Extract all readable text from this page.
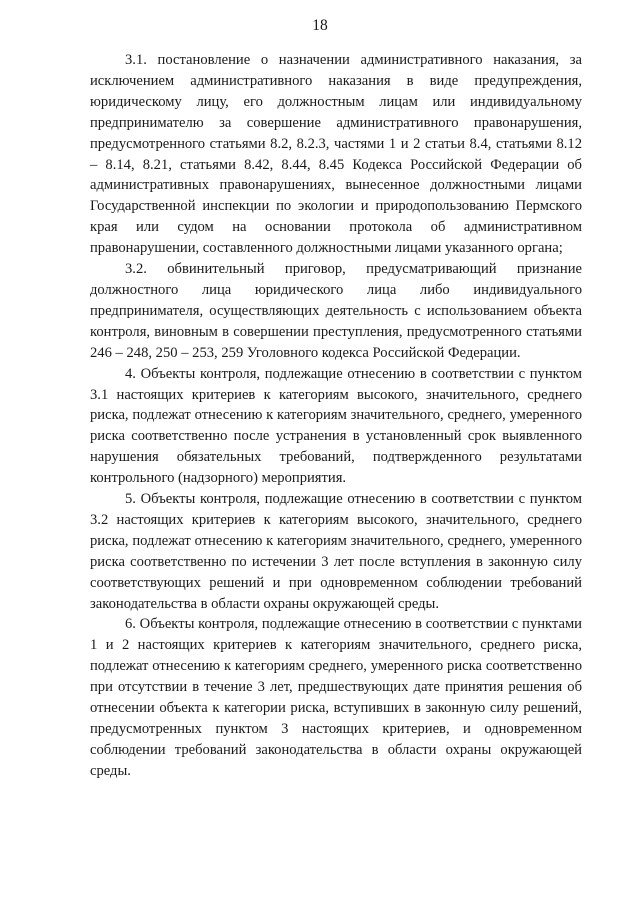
18

3.1. постановление о назначении административного наказания, за исключением административного наказания в виде предупреждения, юридическому лицу, его должностным лицам или индивидуальному предпринимателю за совершение административного правонарушения, предусмотренного статьями 8.2, 8.2.3, частями 1 и 2 статьи 8.4, статьями 8.12 – 8.14, 8.21, статьями 8.42, 8.44, 8.45 Кодекса Российской Федерации об административных правонарушениях, вынесенное должностными лицами Государственной инспекции по экологии и природопользованию Пермского края или судом на основании протокола об административном правонарушении, составленного должностными лицами указанного органа;

3.2. обвинительный приговор, предусматривающий признание должностного лица юридического лица либо индивидуального предпринимателя, осуществляющих деятельность с использованием объекта контроля, виновным в совершении преступления, предусмотренного статьями 246 – 248, 250 – 253, 259 Уголовного кодекса Российской Федерации.

4. Объекты контроля, подлежащие отнесению в соответствии с пунктом 3.1 настоящих критериев к категориям высокого, значительного, среднего риска, подлежат отнесению к категориям значительного, среднего, умеренного риска соответственно после устранения в установленный срок выявленного нарушения обязательных требований, подтвержденного результатами контрольного (надзорного) мероприятия.

5. Объекты контроля, подлежащие отнесению в соответствии с пунктом 3.2 настоящих критериев к категориям высокого, значительного, среднего риска, подлежат отнесению к категориям значительного, среднего, умеренного риска соответственно по истечении 3 лет после вступления в законную силу соответствующих решений и при одновременном соблюдении требований законодательства в области охраны окружающей среды.

6. Объекты контроля, подлежащие отнесению в соответствии с пунктами 1 и 2 настоящих критериев к категориям значительного, среднего риска, подлежат отнесению к категориям среднего, умеренного риска соответственно при отсутствии в течение 3 лет, предшествующих дате принятия решения об отнесении объекта к категории риска, вступивших в законную силу решений, предусмотренных пунктом 3 настоящих критериев, и одновременном соблюдении требований законодательства в области охраны окружающей среды.
